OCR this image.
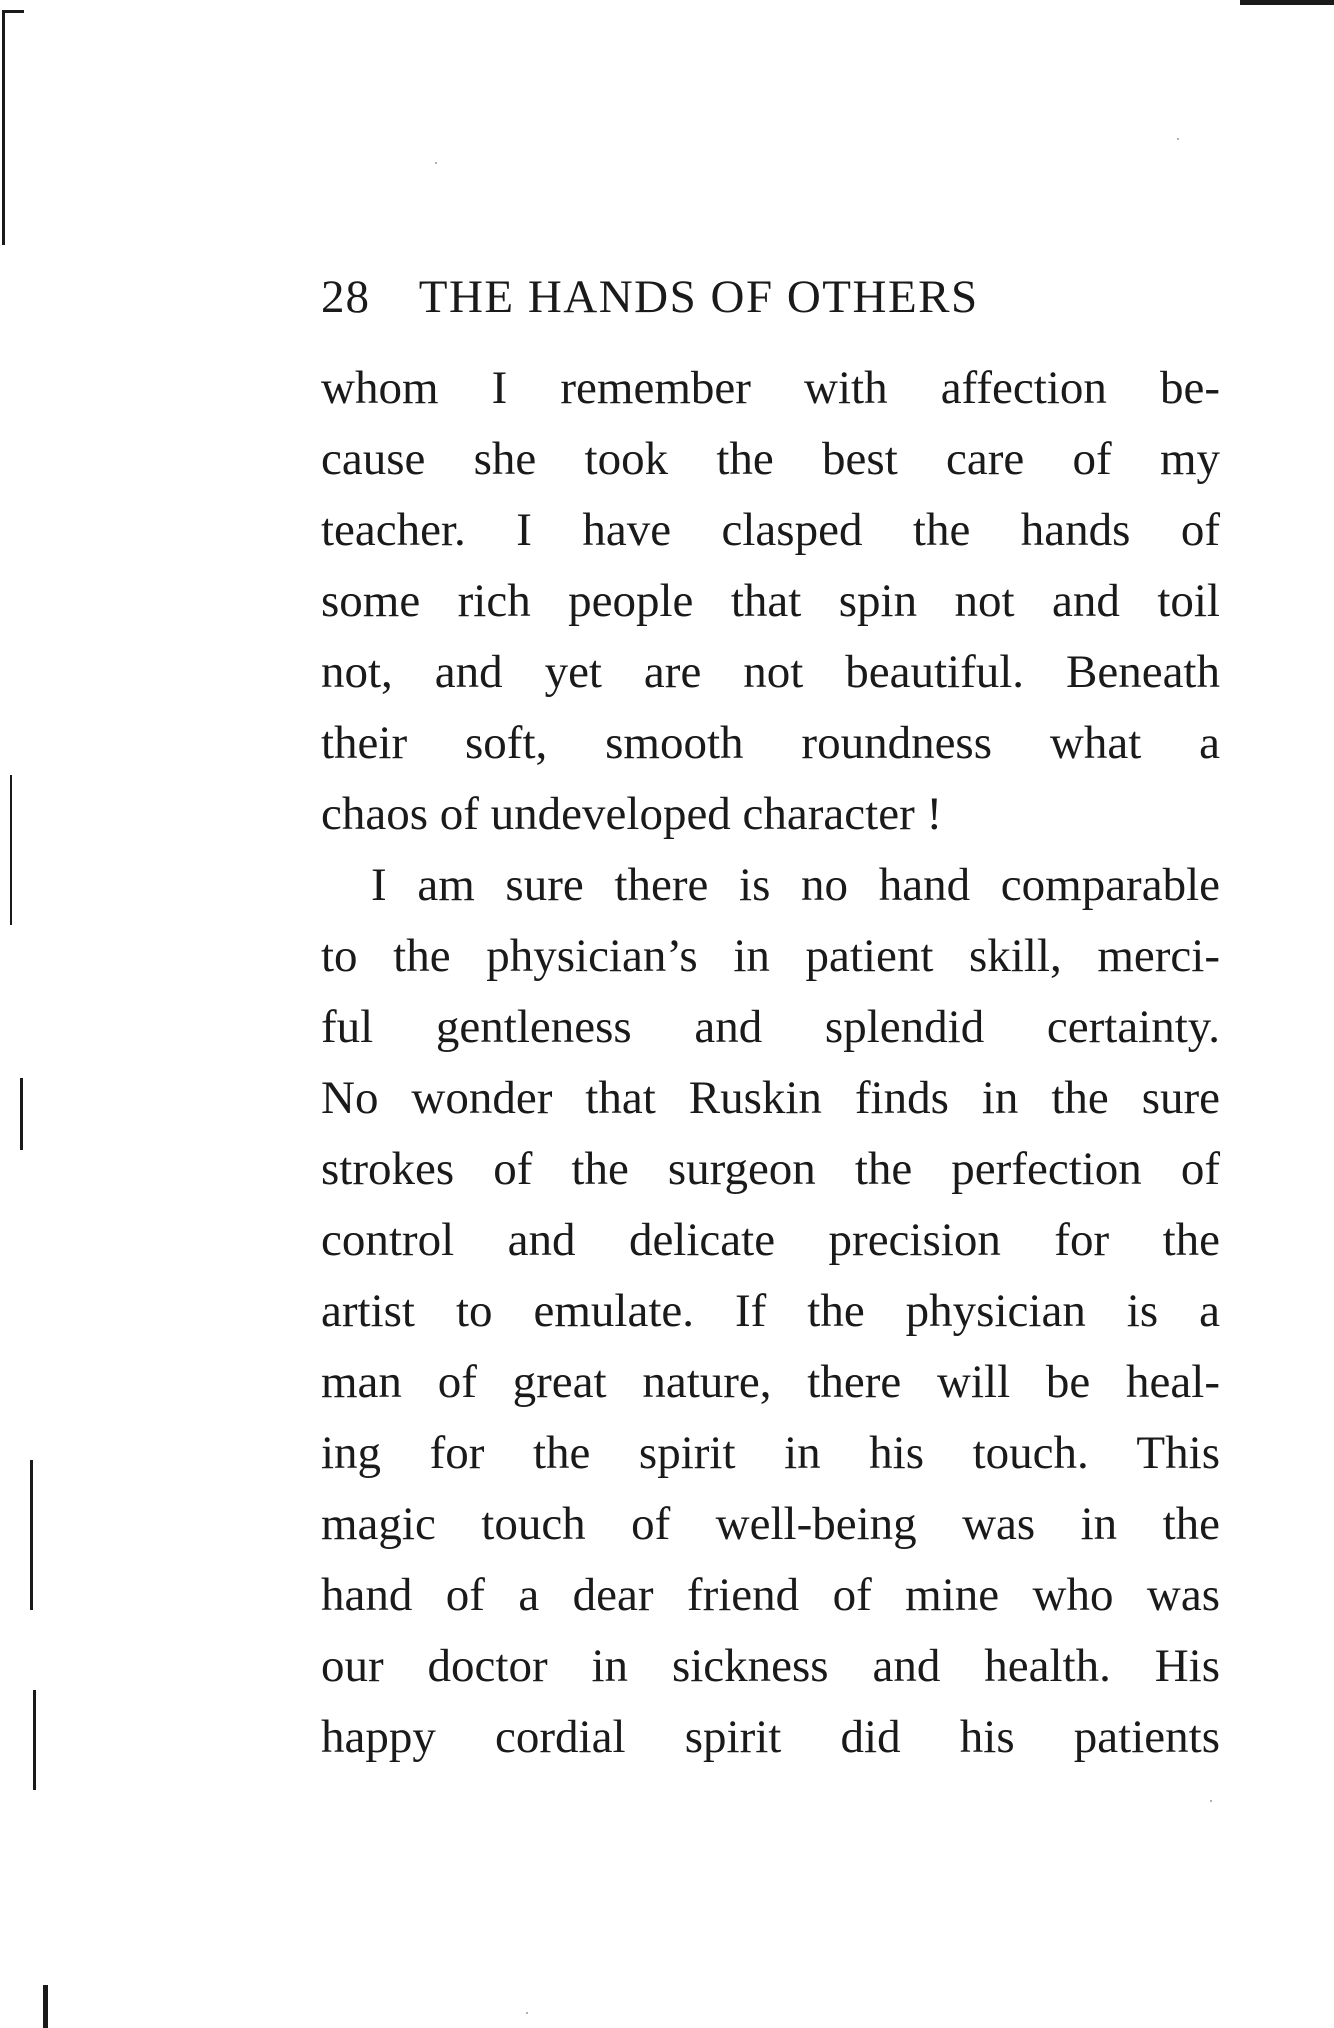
28 THE HANDS OF OTHERS
whom I remember with affection be-
cause she took the best care of my
teacher. I have clasped the hands of
some rich people that spin not and toil
not, and yet are not beautiful. Beneath
their soft, smooth roundness what a
chaos of undeveloped character !
I am sure there is no hand comparable
to the physician’s in patient skill, merci-
ful gentleness and splendid certainty.
No wonder that Ruskin finds in the sure
strokes of the surgeon the perfection of
control and delicate precision for the
artist to emulate. If the physician is a
man of great nature, there will be heal-
ing for the spirit in his touch. This
magic touch of well-being was in the
hand of a dear friend of mine who was
our doctor in sickness and health. His
happy cordial spirit did his patients
